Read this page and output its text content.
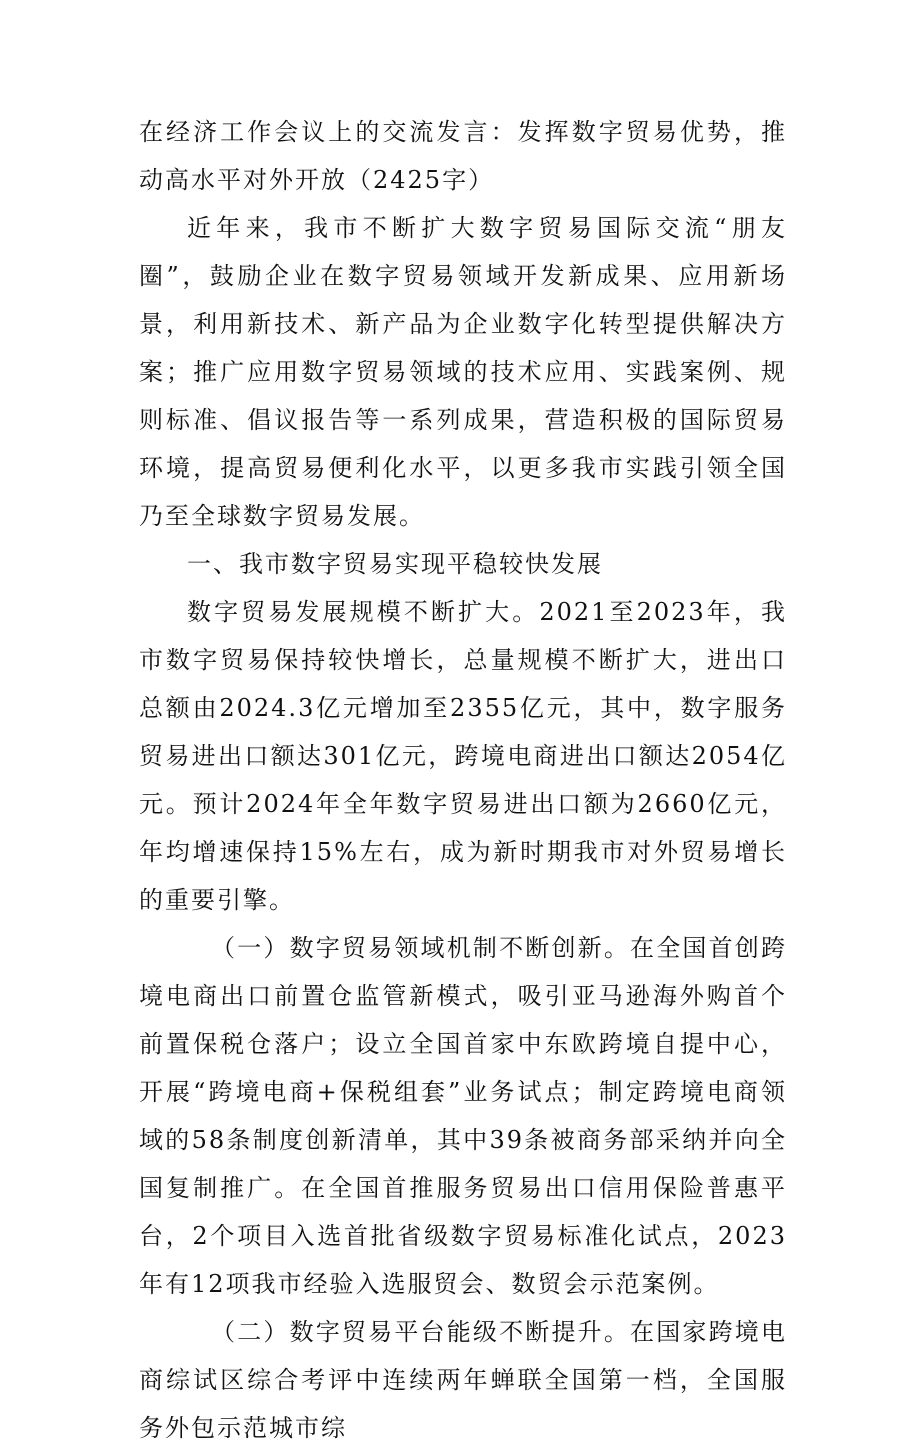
在经济工作会议上的交流发言：发挥数字贸易优势，推动高水平对外开放（2425字）

近年来，我市不断扩大数字贸易国际交流“朋友圈”，鼓励企业在数字贸易领域开发新成果、应用新场景，利用新技术、新产品为企业数字化转型提供解决方案；推广应用数字贸易领域的技术应用、实践案例、规则标准、倡议报告等一系列成果，营造积极的国际贸易环境，提高贸易便利化水平，以更多我市实践引领全国乃至全球数字贸易发展。

一、我市数字贸易实现平稳较快发展

数字贸易发展规模不断扩大。2021至2023年，我市数字贸易保持较快增长，总量规模不断扩大，进出口总额由2024.3亿元增加至2355亿元，其中，数字服务贸易进出口额达301亿元，跨境电商进出口额达2054亿元。预计2024年全年数字贸易进出口额为2660亿元，年均增速保持15%左右，成为新时期我市对外贸易增长的重要引擎。

（一）数字贸易领域机制不断创新。在全国首创跨境电商出口前置仓监管新模式，吸引亚马逊海外购首个前置保税仓落户；设立全国首家中东欧跨境自提中心，开展“跨境电商+保税组套”业务试点；制定跨境电商领域的58条制度创新清单，其中39条被商务部采纳并向全国复制推广。在全国首推服务贸易出口信用保险普惠平台，2个项目入选首批省级数字贸易标准化试点，2023年有12项我市经验入选服贸会、数贸会示范案例。

（二）数字贸易平台能级不断提升。在国家跨境电商综试区综合考评中连续两年蝉联全国第一档，全国服务外包示范城市综
